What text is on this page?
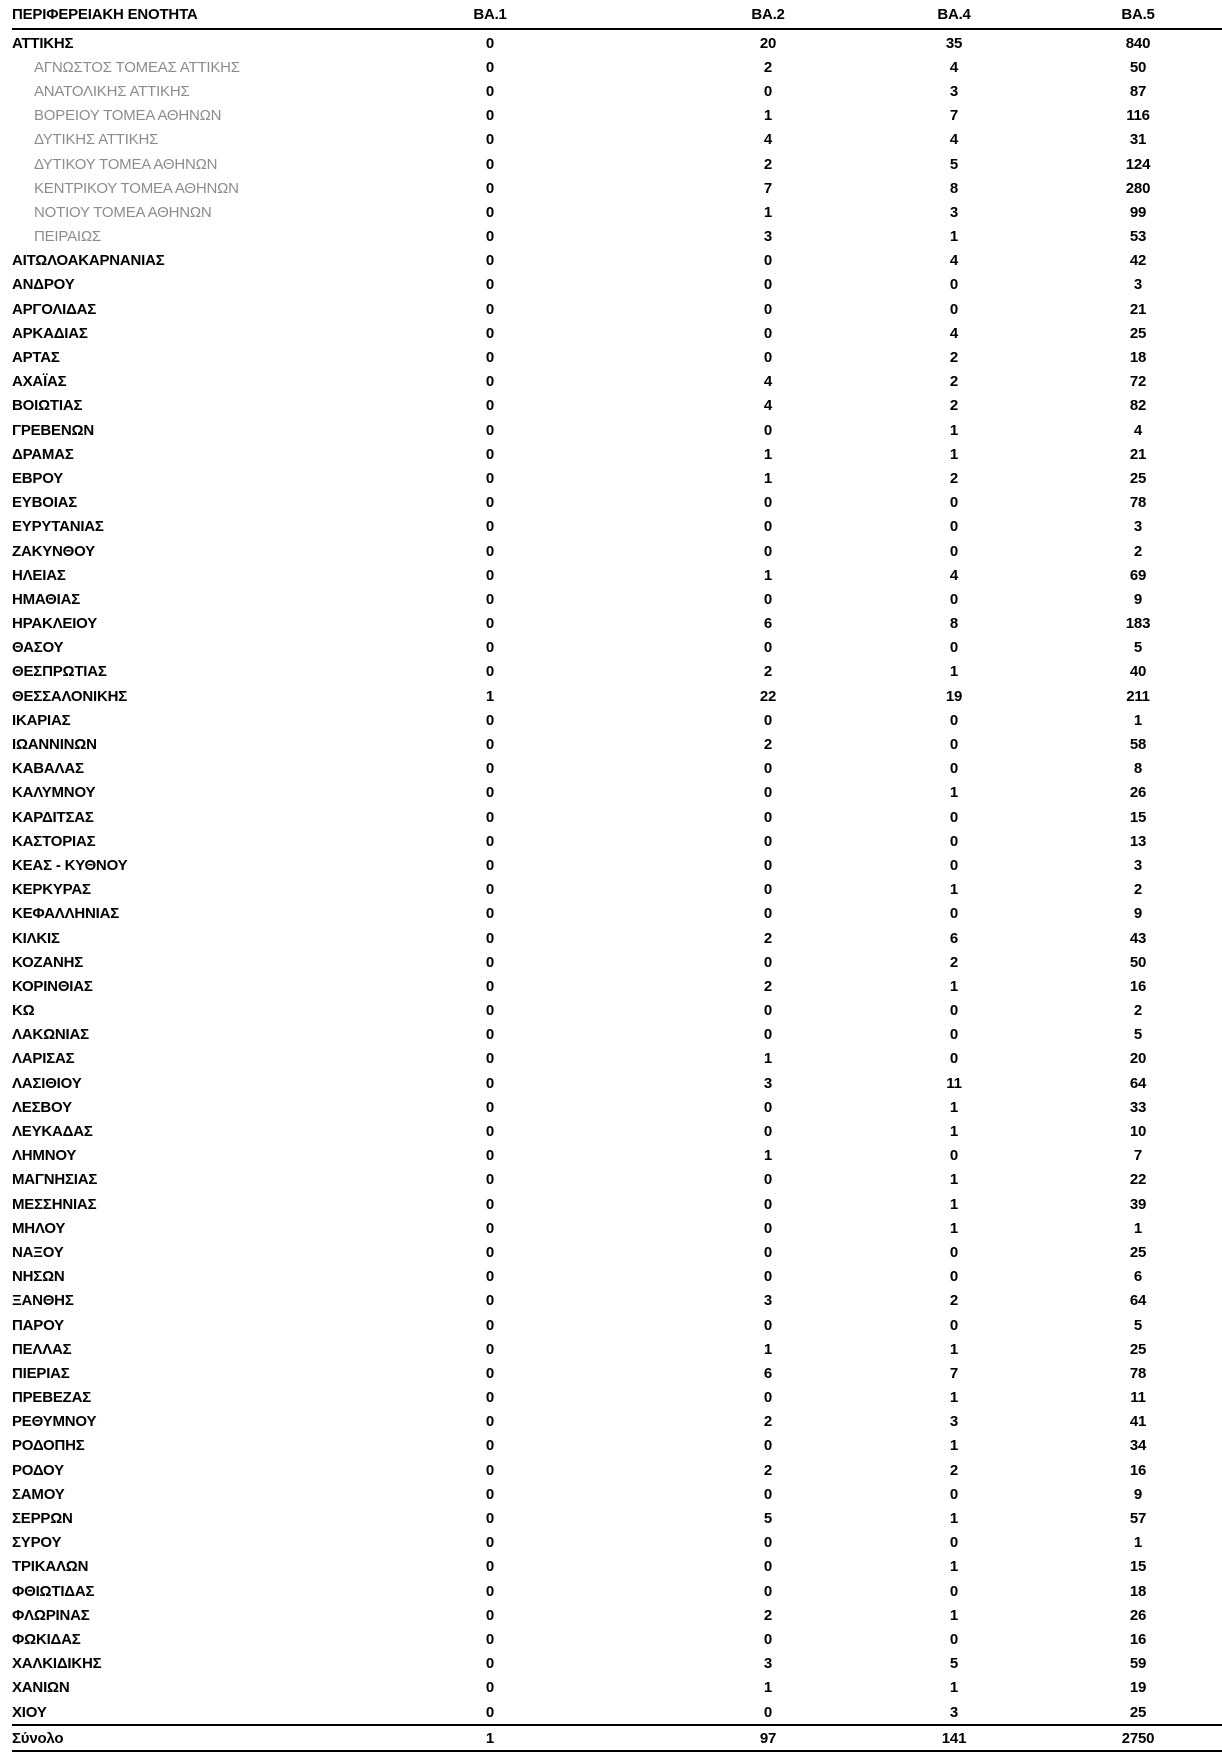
ΠΕΡΙΦΕΡΕΙΑΚΗ ΕΝΟΤΗΤΑ	BA.1	BA.2	BA.4	BA.5
ΑΤΤΙΚΗΣ	0	20	35	840
ΑΓΝΩΣΤΟΣ ΤΟΜΕΑΣ ΑΤΤΙΚΗΣ	0	2	4	50
ΑΝΑΤΟΛΙΚΗΣ ΑΤΤΙΚΗΣ	0	0	3	87
ΒΟΡΕΙΟΥ ΤΟΜΕΑ ΑΘΗΝΩΝ	0	1	7	116
ΔΥΤΙΚΗΣ ΑΤΤΙΚΗΣ	0	4	4	31
ΔΥΤΙΚΟΥ ΤΟΜΕΑ ΑΘΗΝΩΝ	0	2	5	124
ΚΕΝΤΡΙΚΟΥ ΤΟΜΕΑ ΑΘΗΝΩΝ	0	7	8	280
ΝΟΤΙΟΥ ΤΟΜΕΑ ΑΘΗΝΩΝ	0	1	3	99
ΠΕΙΡΑΙΩΣ	0	3	1	53
ΑΙΤΩΛΟΑΚΑΡΝΑΝΙΑΣ	0	0	4	42
ΑΝΔΡΟΥ	0	0	0	3
ΑΡΓΟΛΙΔΑΣ	0	0	0	21
ΑΡΚΑΔΙΑΣ	0	0	4	25
ΑΡΤΑΣ	0	0	2	18
ΑΧΑΪΑΣ	0	4	2	72
ΒΟΙΩΤΙΑΣ	0	4	2	82
ΓΡΕΒΕΝΩΝ	0	0	1	4
ΔΡΑΜΑΣ	0	1	1	21
ΕΒΡΟΥ	0	1	2	25
ΕΥΒΟΙΑΣ	0	0	0	78
ΕΥΡΥΤΑΝΙΑΣ	0	0	0	3
ΖΑΚΥΝΘΟΥ	0	0	0	2
ΗΛΕΙΑΣ	0	1	4	69
ΗΜΑΘΙΑΣ	0	0	0	9
ΗΡΑΚΛΕΙΟΥ	0	6	8	183
ΘΑΣΟΥ	0	0	0	5
ΘΕΣΠΡΩΤΙΑΣ	0	2	1	40
ΘΕΣΣΑΛΟΝΙΚΗΣ	1	22	19	211
ΙΚΑΡΙΑΣ	0	0	0	1
ΙΩΑΝΝΙΝΩΝ	0	2	0	58
ΚΑΒΑΛΑΣ	0	0	0	8
ΚΑΛΥΜΝΟΥ	0	0	1	26
ΚΑΡΔΙΤΣΑΣ	0	0	0	15
ΚΑΣΤΟΡΙΑΣ	0	0	0	13
ΚΕΑΣ - ΚΥΘΝΟΥ	0	0	0	3
ΚΕΡΚΥΡΑΣ	0	0	1	2
ΚΕΦΑΛΛΗΝΙΑΣ	0	0	0	9
ΚΙΛΚΙΣ	0	2	6	43
ΚΟΖΑΝΗΣ	0	0	2	50
ΚΟΡΙΝΘΙΑΣ	0	2	1	16
ΚΩ	0	0	0	2
ΛΑΚΩΝΙΑΣ	0	0	0	5
ΛΑΡΙΣΑΣ	0	1	0	20
ΛΑΣΙΘΙΟΥ	0	3	11	64
ΛΕΣΒΟΥ	0	0	1	33
ΛΕΥΚΑΔΑΣ	0	0	1	10
ΛΗΜΝΟΥ	0	1	0	7
ΜΑΓΝΗΣΙΑΣ	0	0	1	22
ΜΕΣΣΗΝΙΑΣ	0	0	1	39
ΜΗΛΟΥ	0	0	1	1
ΝΑΞΟΥ	0	0	0	25
ΝΗΣΩΝ	0	0	0	6
ΞΑΝΘΗΣ	0	3	2	64
ΠΑΡΟΥ	0	0	0	5
ΠΕΛΛΑΣ	0	1	1	25
ΠΙΕΡΙΑΣ	0	6	7	78
ΠΡΕΒΕΖΑΣ	0	0	1	11
ΡΕΘΥΜΝΟΥ	0	2	3	41
ΡΟΔΟΠΗΣ	0	0	1	34
ΡΟΔΟΥ	0	2	2	16
ΣΑΜΟΥ	0	0	0	9
ΣΕΡΡΩΝ	0	5	1	57
ΣΥΡΟΥ	0	0	0	1
ΤΡΙΚΑΛΩΝ	0	0	1	15
ΦΘΙΩΤΙΔΑΣ	0	0	0	18
ΦΛΩΡΙΝΑΣ	0	2	1	26
ΦΩΚΙΔΑΣ	0	0	0	16
ΧΑΛΚΙΔΙΚΗΣ	0	3	5	59
ΧΑΝΙΩΝ	0	1	1	19
ΧΙΟΥ	0	0	3	25
Σύνολο	1	97	141	2750
